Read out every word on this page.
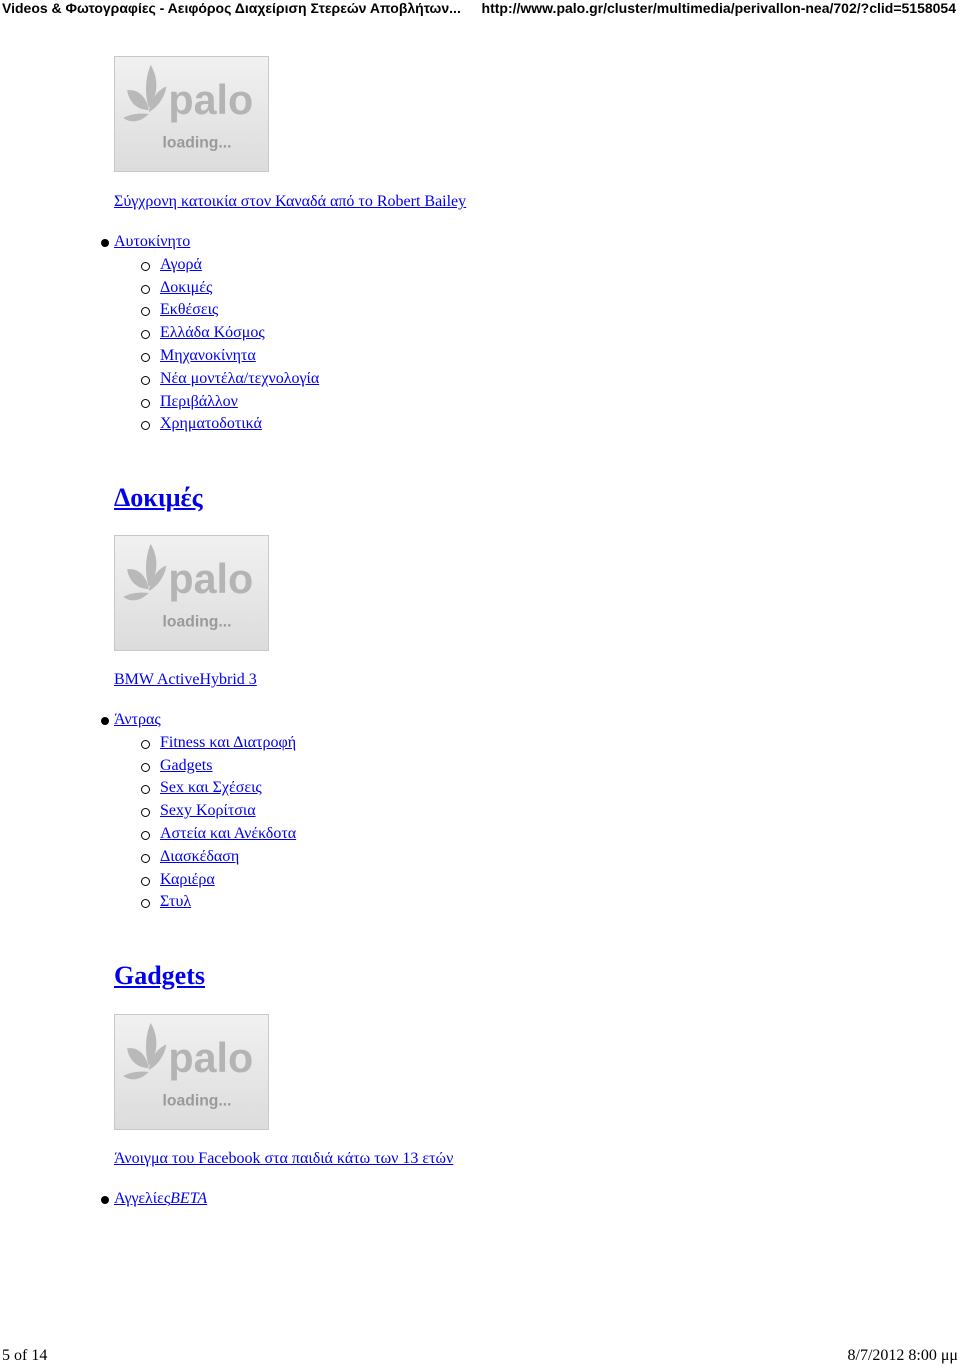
Videos & Φωτογραφίες - Αειφόρος Διαχείριση Στερεών Αποβλήτων... http://www.palo.gr/cluster/multimedia/perivallon-nea/702/?clid=5158054
palo
loading...
Σύγχρονη κατοικία στον Καναδά από το Robert Bailey
Αυτοκίνητο
Αγορά
Δοκιμές
Εκθέσεις
Ελλάδα Κόσμος
Μηχανοκίνητα
Νέα μοντέλα/τεχνολογία
Περιβάλλον
Χρηματοδοτικά
Δοκιμές
palo
loading...
BMW ActiveHybrid 3
Άντρας
Fitness και Διατροφή
Gadgets
Sex και Σχέσεις
Sexy Κορίτσια
Αστεία και Ανέκδοτα
Διασκέδαση
Καριέρα
Στυλ
Gadgets
palo
loading...
Άνοιγμα του Facebook στα παιδιά κάτω των 13 ετών
ΑγγελίεςBETA
5 of 14	8/7/2012 8:00 μμ
